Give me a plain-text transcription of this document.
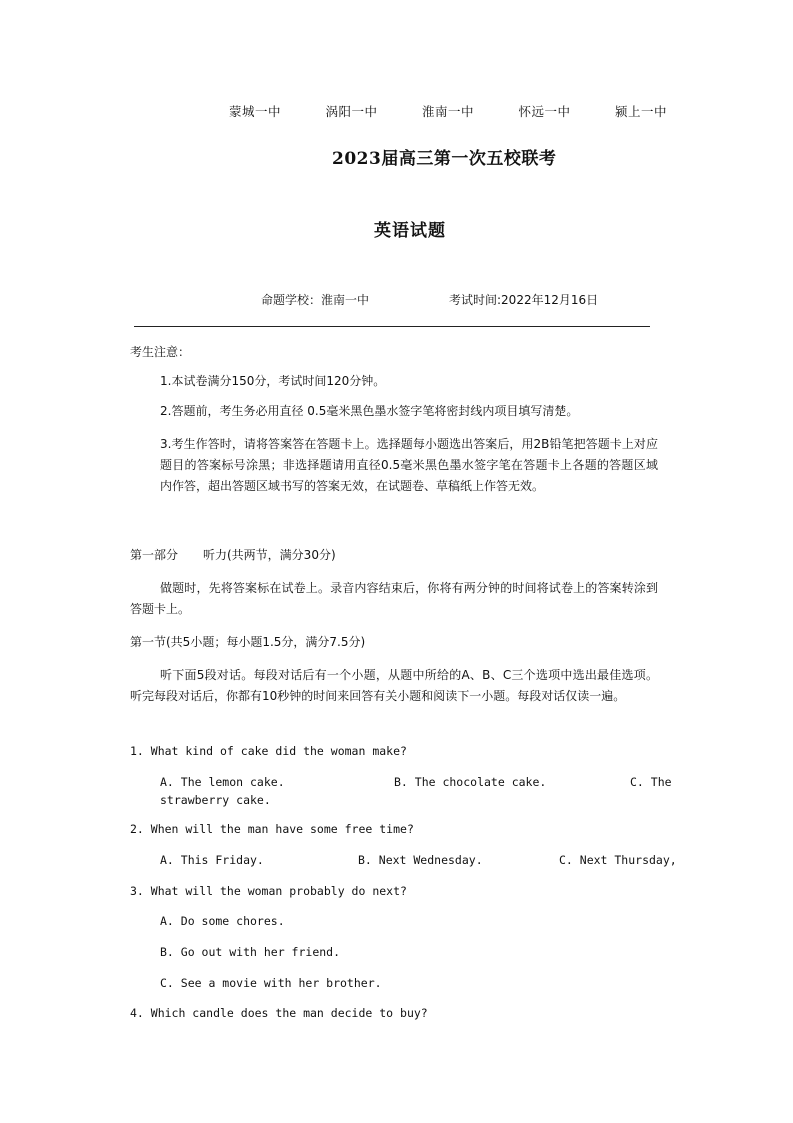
蒙城一中	涡阳一中	淮南一中	怀远一中	颍上一中
2023届高三第一次五校联考
英语试题
命题学校：淮南一中	考试时间:2022年12月16日
考生注意：
1.本试卷满分150分，考试时间120分钟。
2.答题前，考生务必用直径 0.5毫米黑色墨水签字笔将密封线内项目填写清楚。
3.考生作答时，请将答案答在答题卡上。选择题每小题选出答案后，用2B铅笔把答题卡上对应题目的答案标号涂黑；非选择题请用直径0.5毫米黑色墨水签字笔在答题卡上各题的答题区域内作答，超出答题区域书写的答案无效，在试题卷、草稿纸上作答无效。
第一部分 听力(共两节，满分30分)
做题时，先将答案标在试卷上。录音内容结束后，你将有两分钟的时间将试卷上的答案转涂到答题卡上。
第一节(共5小题；每小题1.5分，满分7.5分)
听下面5段对话。每段对话后有一个小题，从题中所给的A、B、C三个选项中选出最佳选项。听完每段对话后，你都有10秒钟的时间来回答有关小题和阅读下一小题。每段对话仅读一遍。
1. What kind of cake did the woman make?
A. The lemon cake.	B. The chocolate cake.	C. The
strawberry cake.
2. When will the man have some free time?
A. This Friday.	B. Next Wednesday.	C. Next Thursday,
3. What will the woman probably do next?
A. Do some chores.
B. Go out with her friend.
C. See a movie with her brother.
4. Which candle does the man decide to buy?
